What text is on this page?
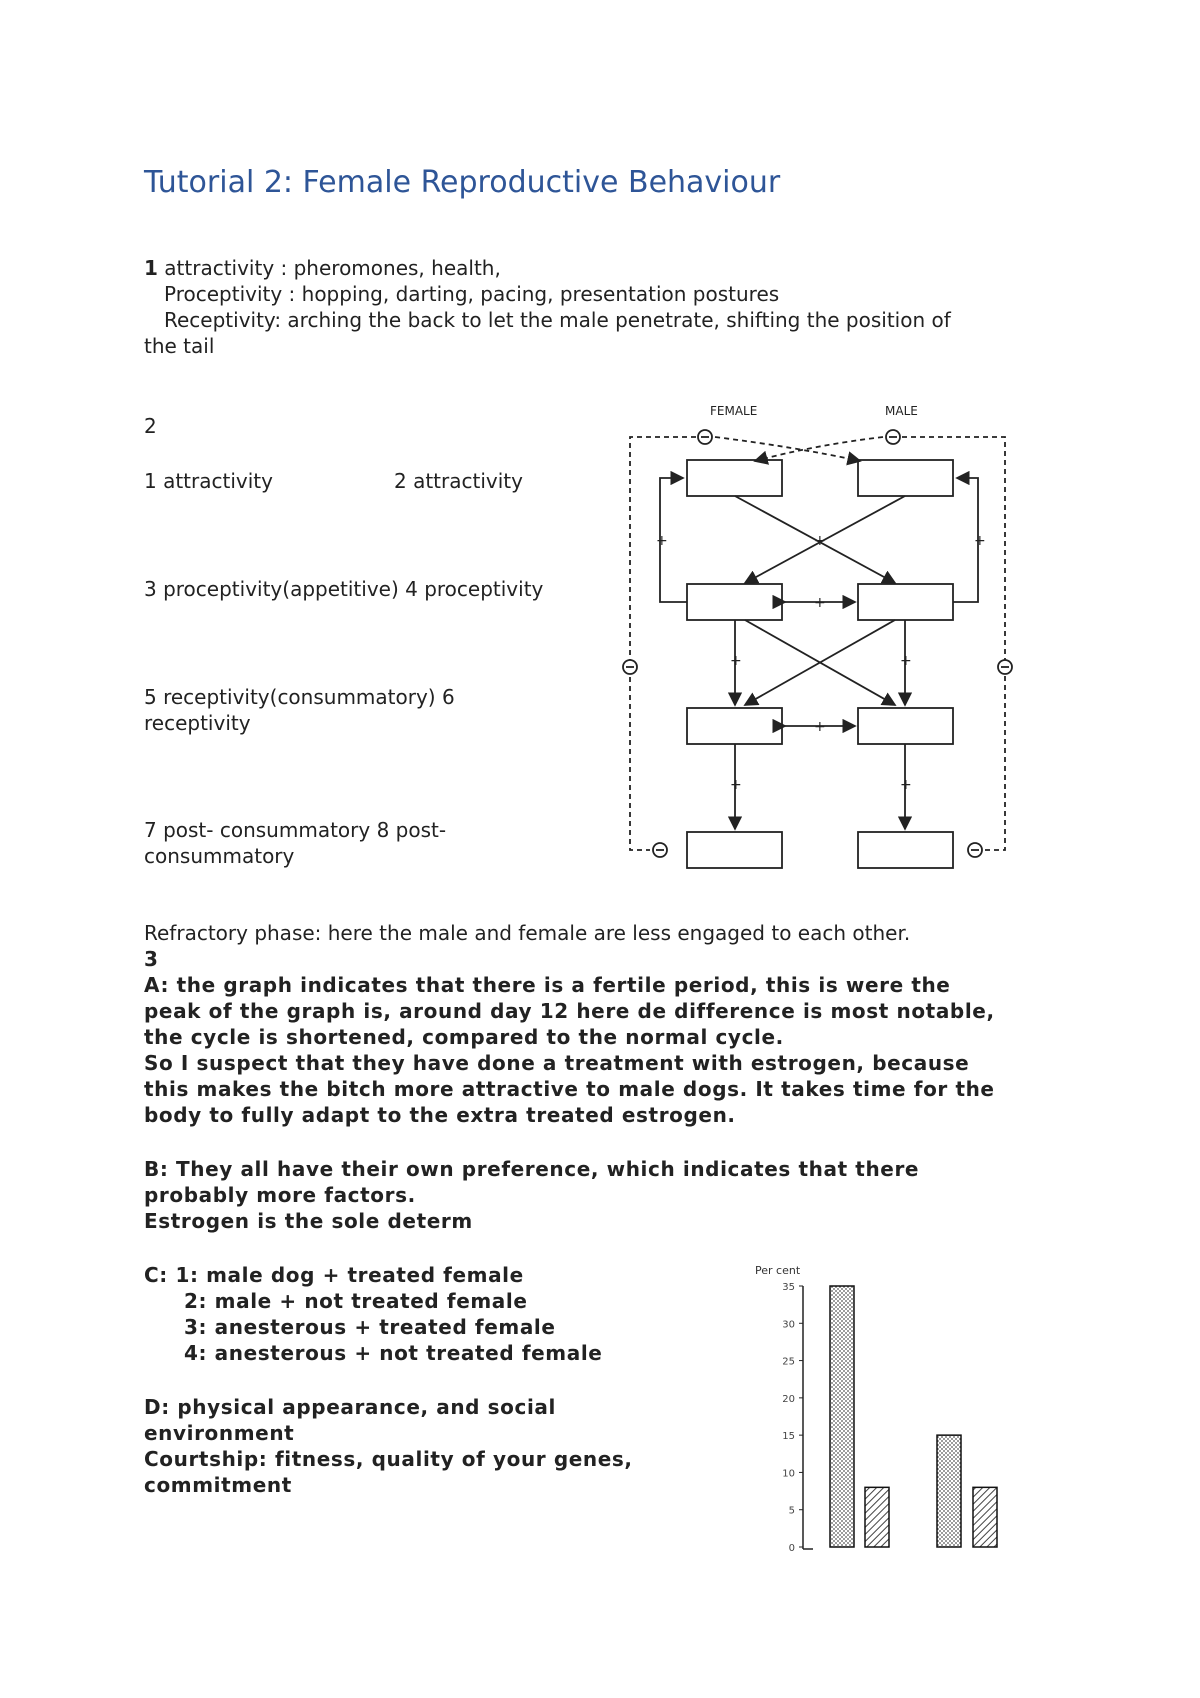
Tutorial 2: Female Reproductive Behaviour
1 attractivity : pheromones, health,
Proceptivity : hopping, darting, pacing, presentation postures
Receptivity: arching the back to let the male penetrate, shifting the position of
the tail
2
1 attractivity	2 attractivity
3 proceptivity(appetitive) 4 proceptivity
5 receptivity(consummatory) 6
receptivity
7 post- consummatory 8 post-
consummatory
FEMALE	MALE
+	+
+
+
+	+
+
+	+
Refractory phase: here the male and female are less engaged to each other.
3
A: the graph indicates that there is a fertile period, this is were the
peak of the graph is, around day 12 here de difference is most notable,
the cycle is shortened, compared to the normal cycle.
So I suspect that they have done a treatment with estrogen, because
this makes the bitch more attractive to male dogs. It takes time for the
body to fully adapt to the extra treated estrogen.
B: They all have their own preference, which indicates that there
probably more factors.
Estrogen is the sole determ
C: 1: male dog + treated female
2: male + not treated female
3: anesterous + treated female
4: anesterous + not treated female
D: physical appearance, and social
environment
Courtship: fitness, quality of your genes,
commitment
Per cent
0
5
10
15
20
25
30
35
